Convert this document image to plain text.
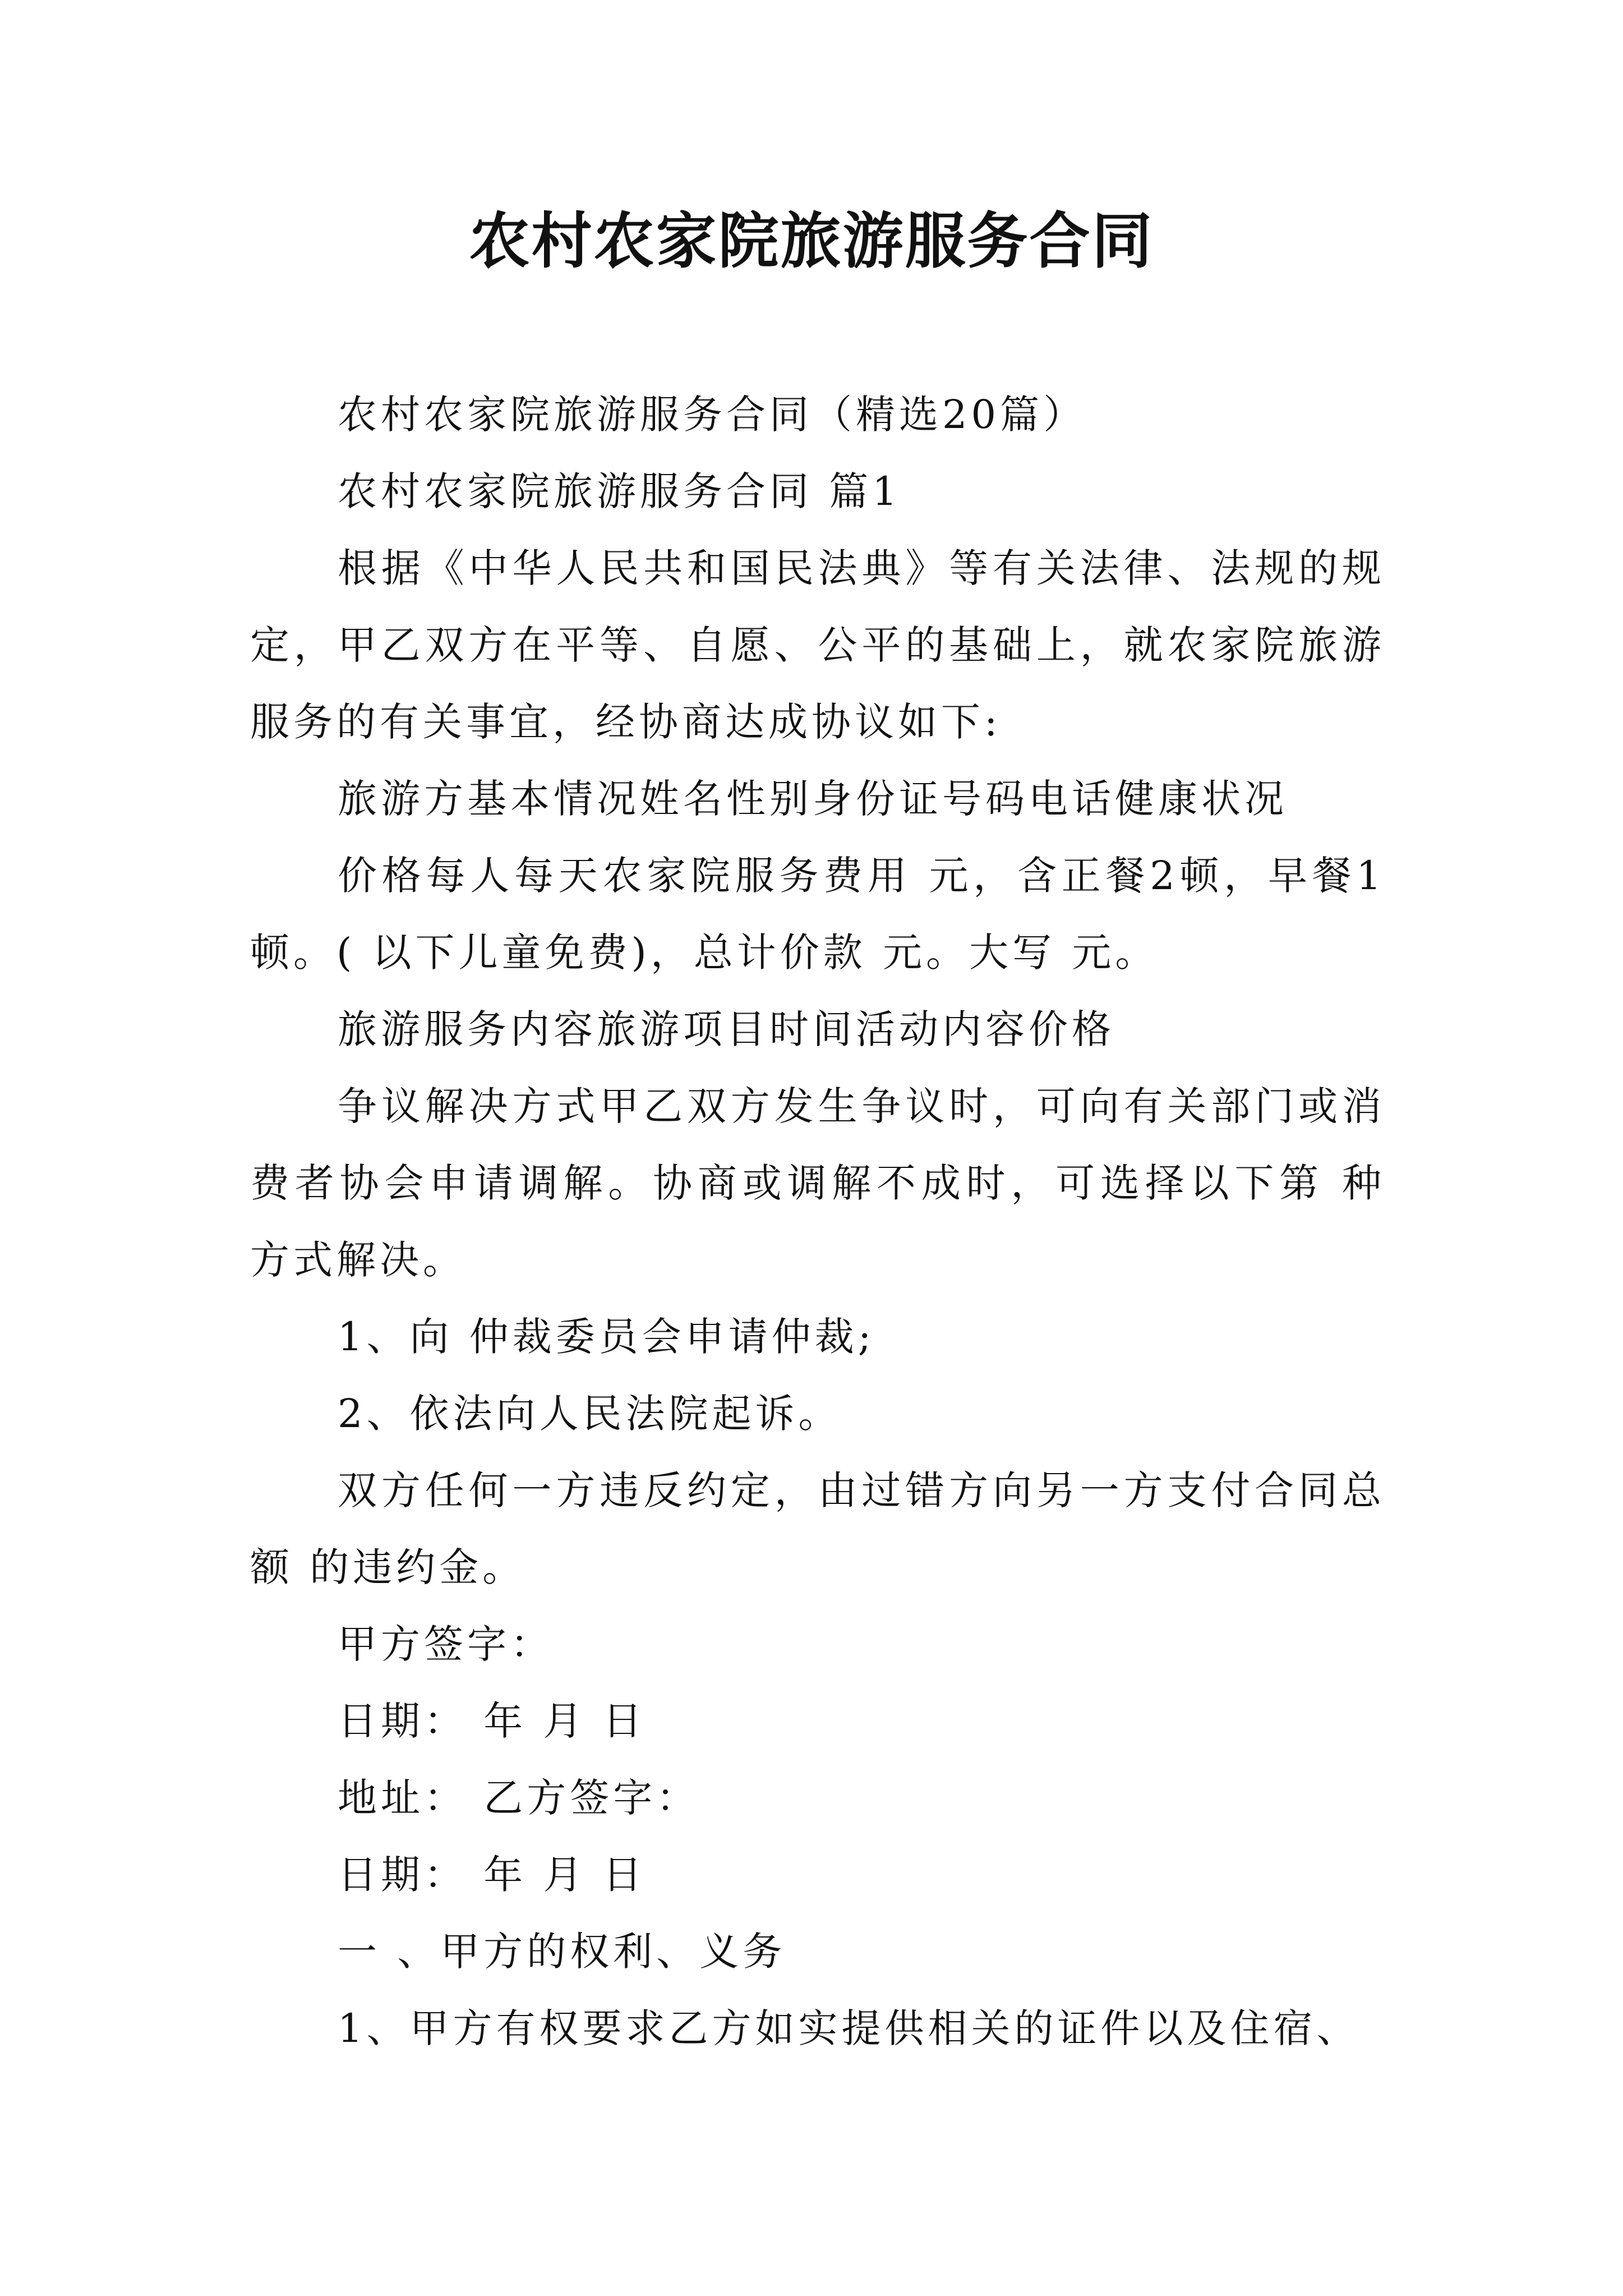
农村农家院旅游服务合同

农村农家院旅游服务合同（精选20篇）

农村农家院旅游服务合同 篇1

根据《中华人民共和国民法典》等有关法律、法规的规定，甲乙双方在平等、自愿、公平的基础上，就农家院旅游服务的有关事宜，经协商达成协议如下:

旅游方基本情况姓名性别身份证号码电话健康状况

价格每人每天农家院服务费用 元，含正餐2顿，早餐1顿。( 以下儿童免费)，总计价款 元。大写 元。

旅游服务内容旅游项目时间活动内容价格

争议解决方式甲乙双方发生争议时，可向有关部门或消费者协会申请调解。协商或调解不成时，可选择以下第 种方式解决。

1、向 仲裁委员会申请仲裁;

2、依法向人民法院起诉。

双方任何一方违反约定，由过错方向另一方支付合同总额 的违约金。

甲方签字：

日期： 年 月 日

地址： 乙方签字：

日期： 年 月 日

一 、甲方的权利、义务

1、甲方有权要求乙方如实提供相关的证件以及住宿、
